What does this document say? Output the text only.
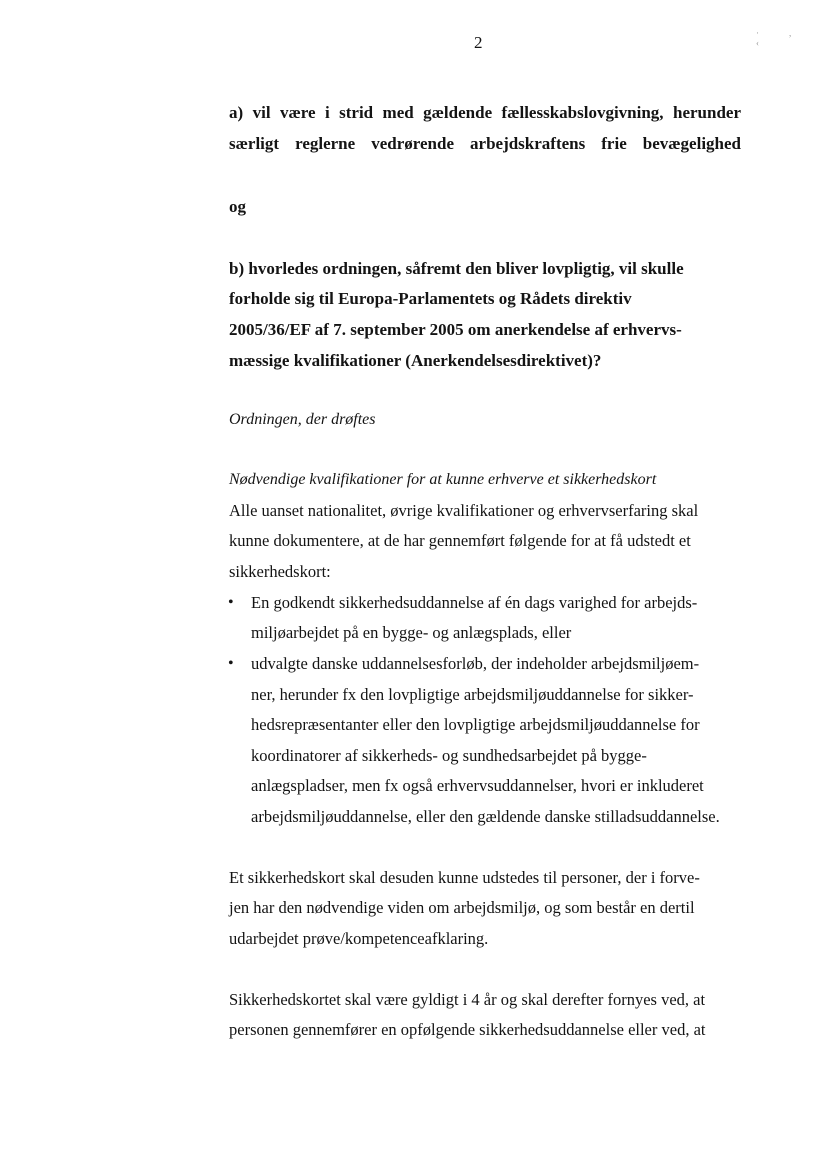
2	·, ‹
a) vil være i strid med gældende fællesskabslovgivning, herunder
særligt reglerne vedrørende arbejdskraftens frie bevægelighed
og
b) hvorledes ordningen, såfremt den bliver lovpligtig, vil skulle
forholde sig til Europa-Parlamentets og Rådets direktiv
2005/36/EF af 7. september 2005 om anerkendelse af erhvervs-
mæssige kvalifikationer (Anerkendelsesdirektivet)?
Ordningen, der drøftes
Nødvendige kvalifikationer for at kunne erhverve et sikkerhedskort
Alle uanset nationalitet, øvrige kvalifikationer og erhvervserfaring skal
kunne dokumentere, at de har gennemført følgende for at få udstedt et
sikkerhedskort:
• En godkendt sikkerhedsuddannelse af én dags varighed for arbejds-
miljøarbejdet på en bygge- og anlægsplads, eller
• udvalgte danske uddannelsesforløb, der indeholder arbejdsmiljøem-
ner, herunder fx den lovpligtige arbejdsmiljøuddannelse for sikker-
hedsrepræsentanter eller den lovpligtige arbejdsmiljøuddannelse for
koordinatorer af sikkerheds- og sundhedsarbejdet på bygge-
anlægspladser, men fx også erhvervsuddannelser, hvori er inkluderet
arbejdsmiljøuddannelse, eller den gældende danske stilladsuddannelse.
Et sikkerhedskort skal desuden kunne udstedes til personer, der i forve-
jen har den nødvendige viden om arbejdsmiljø, og som består en dertil
udarbejdet prøve/kompetenceafklaring.
Sikkerhedskortet skal være gyldigt i 4 år og skal derefter fornyes ved, at
personen gennemfører en opfølgende sikkerhedsuddannelse eller ved, at
